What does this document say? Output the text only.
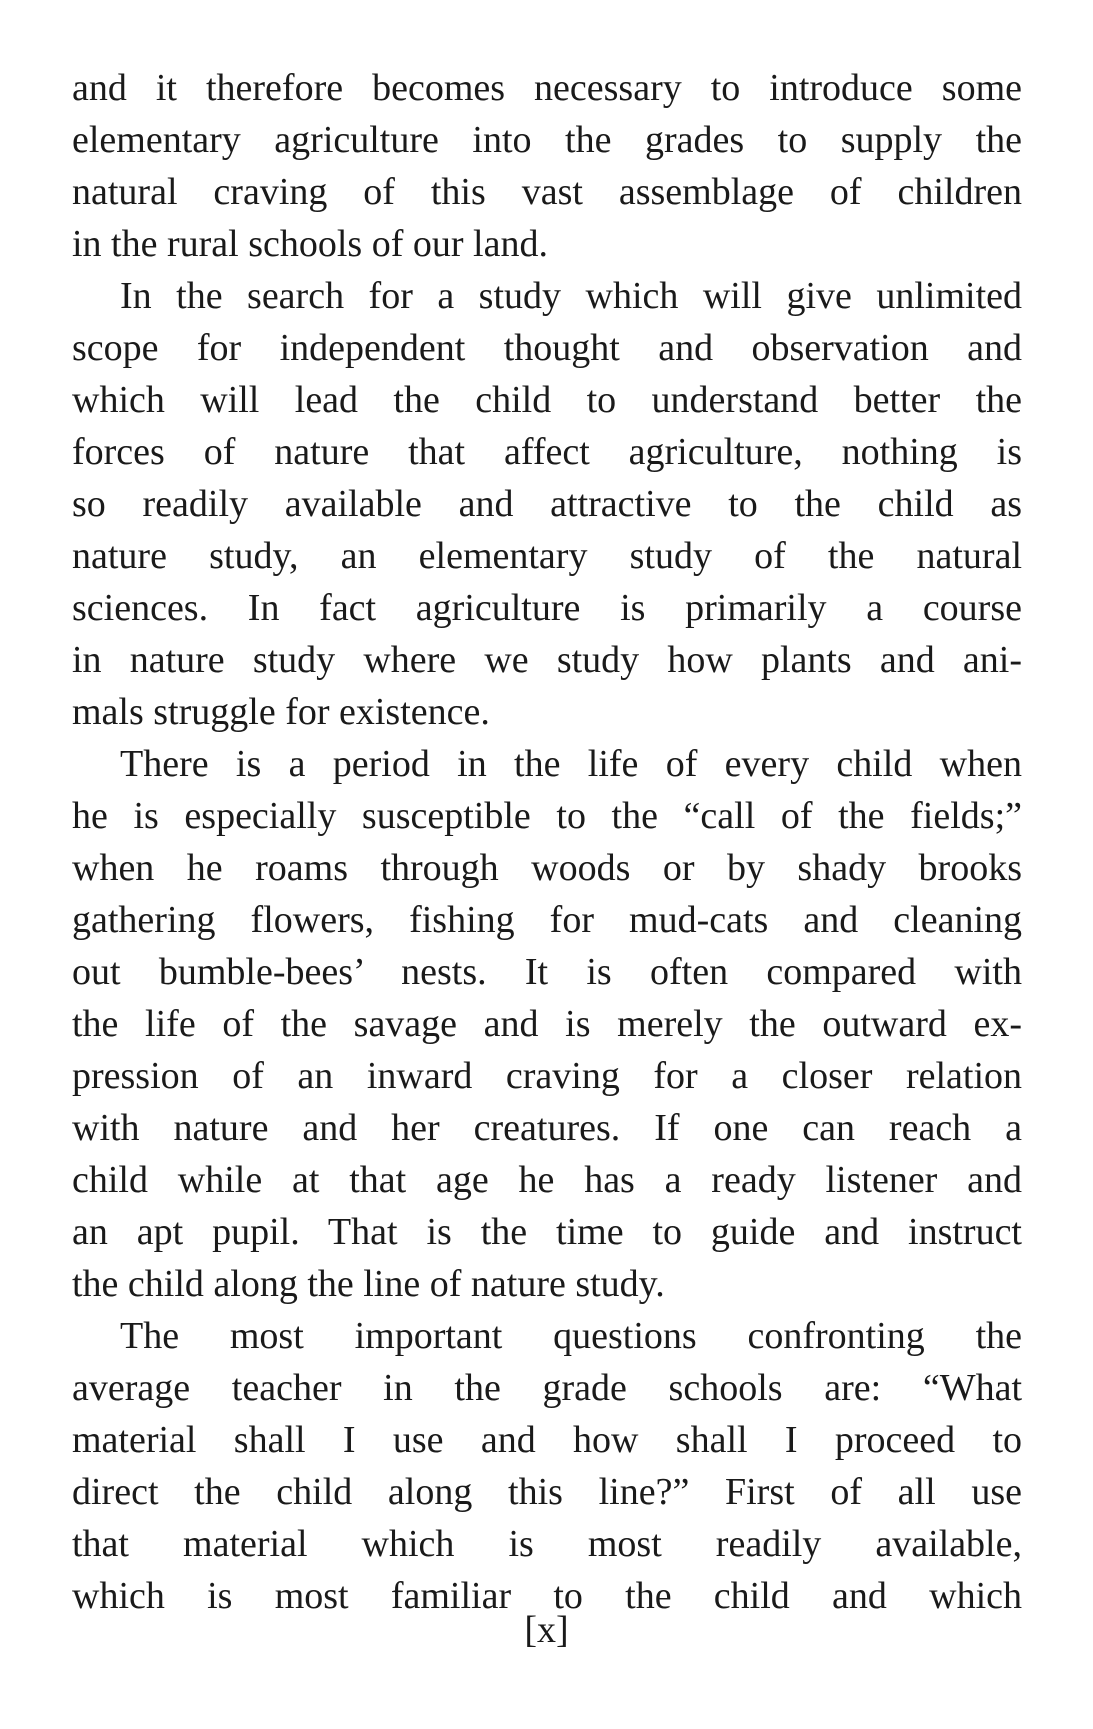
and it therefore becomes necessary to introduce some
elementary agriculture into the grades to supply the
natural craving of this vast assemblage of children
in the rural schools of our land.
In the search for a study which will give unlimited
scope for independent thought and observation and
which will lead the child to understand better the
forces of nature that affect agriculture, nothing is
so readily available and attractive to the child as
nature study, an elementary study of the natural
sciences. In fact agriculture is primarily a course
in nature study where we study how plants and ani-
mals struggle for existence.
There is a period in the life of every child when
he is especially susceptible to the “call of the fields;”
when he roams through woods or by shady brooks
gathering flowers, fishing for mud-cats and cleaning
out bumble-bees’ nests. It is often compared with
the life of the savage and is merely the outward ex-
pression of an inward craving for a closer relation
with nature and her creatures. If one can reach a
child while at that age he has a ready listener and
an apt pupil. That is the time to guide and instruct
the child along the line of nature study.
The most important questions confronting the
average teacher in the grade schools are: “What
material shall I use and how shall I proceed to
direct the child along this line?” First of all use
that material which is most readily available,
which is most familiar to the child and which
[x]
